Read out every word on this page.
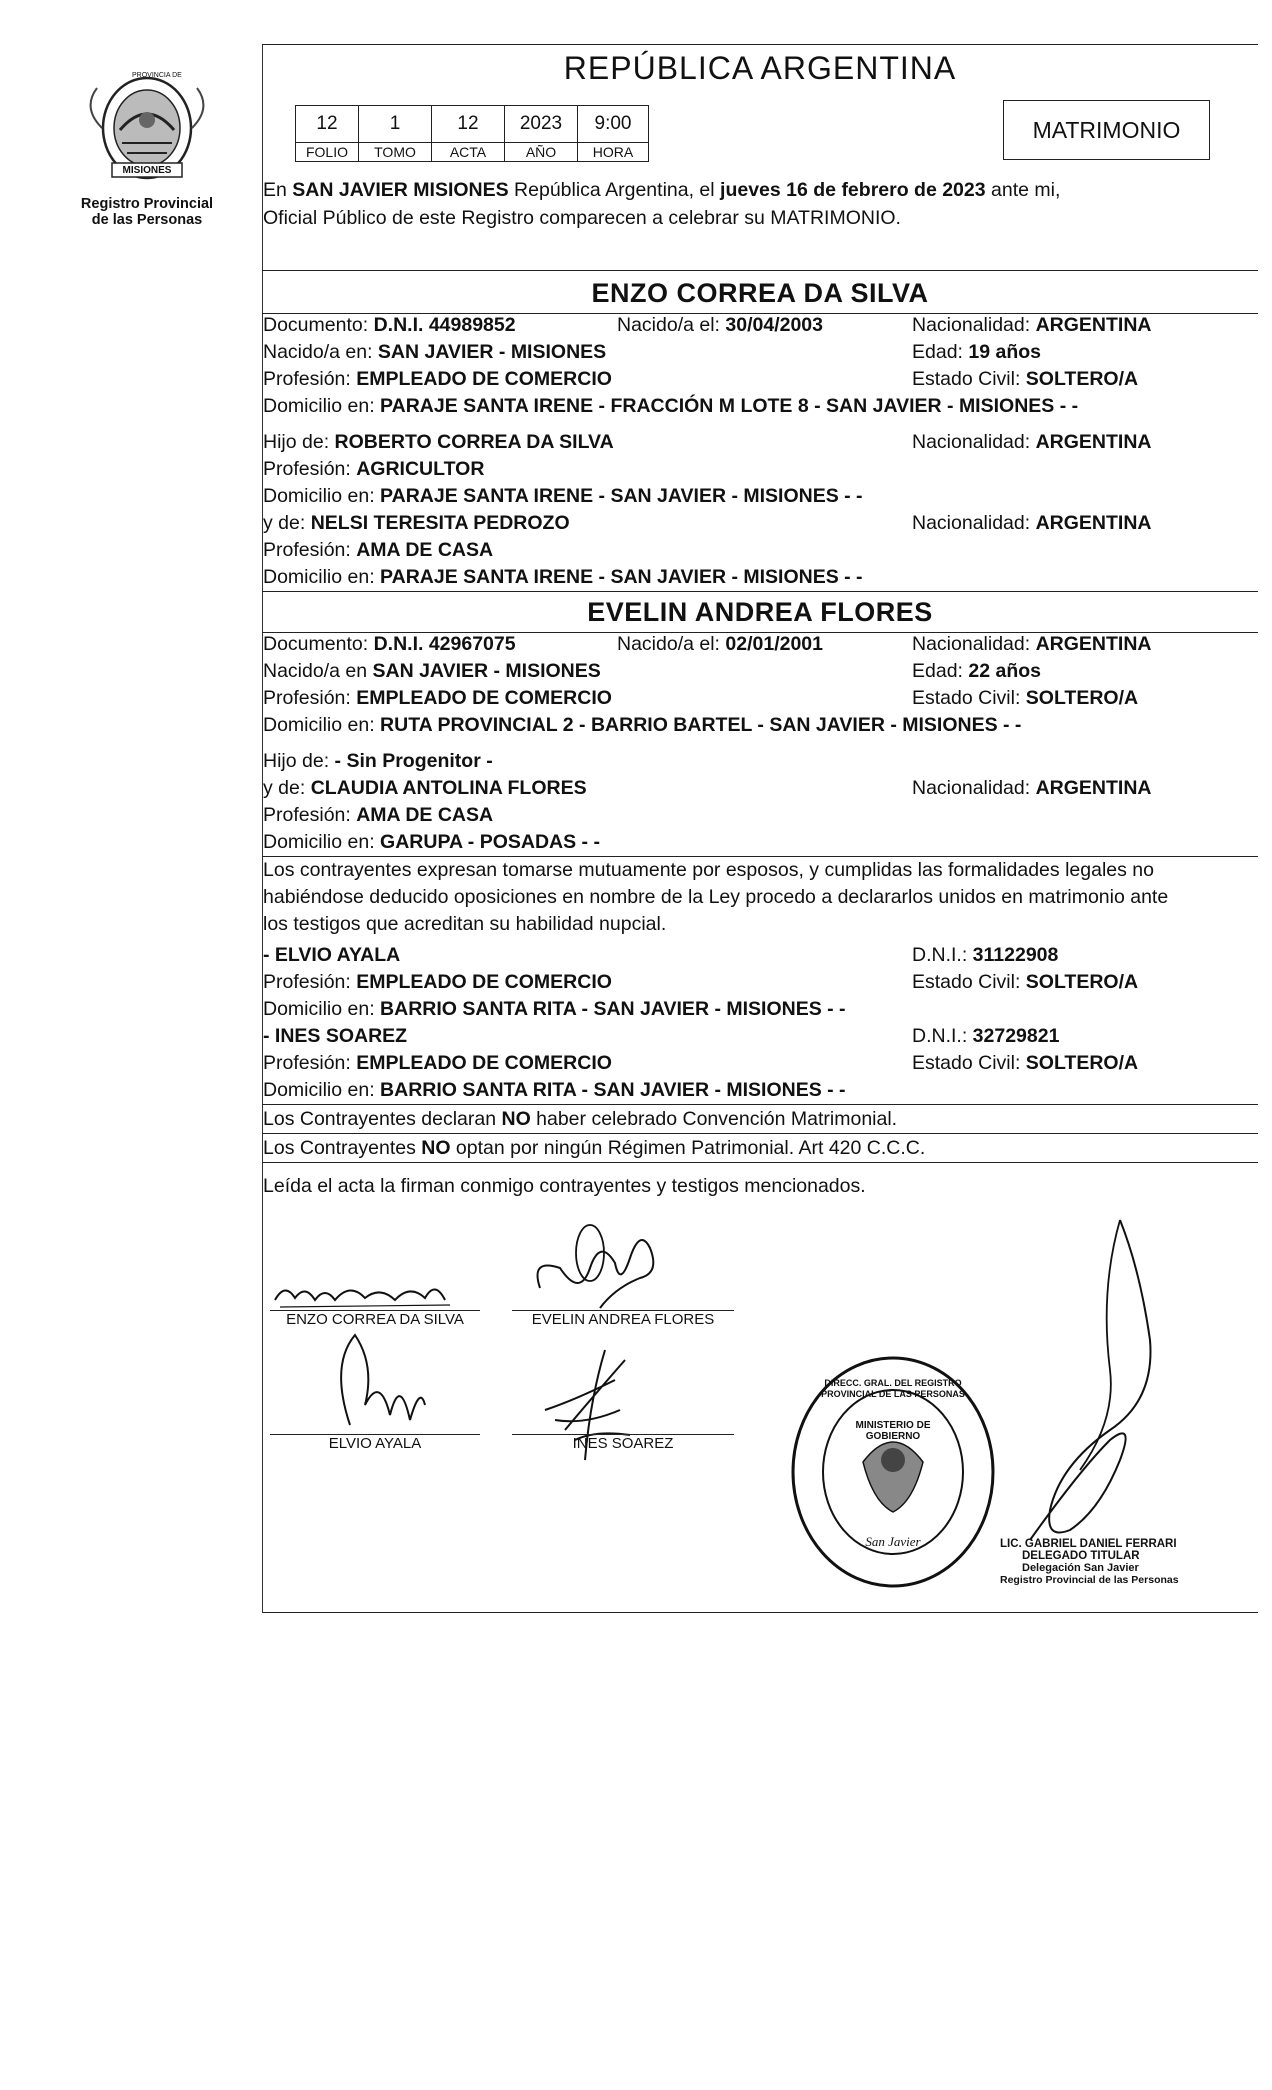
PROVINCIA DE
MISIONES
Registro Provincial
de las Personas
REPÚBLICA ARGENTINA
12	1	12	2023	9:00
FOLIO	TOMO	ACTA	AÑO	HORA
MATRIMONIO
En SAN JAVIER MISIONES República Argentina, el jueves 16 de febrero de 2023 ante mi,
Oficial Público de este Registro comparecen a celebrar su MATRIMONIO.
ENZO CORREA DA SILVA
Documento: D.N.I. 44989852	Nacido/a el: 30/04/2003	Nacionalidad: ARGENTINA
Nacido/a en: SAN JAVIER - MISIONES	Edad: 19 años
Profesión: EMPLEADO DE COMERCIO	Estado Civil: SOLTERO/A
Domicilio en: PARAJE SANTA IRENE - FRACCIÓN M LOTE 8 - SAN JAVIER - MISIONES - -
Hijo de: ROBERTO CORREA DA SILVA	Nacionalidad: ARGENTINA
Profesión: AGRICULTOR
Domicilio en: PARAJE SANTA IRENE - SAN JAVIER - MISIONES - -
y de: NELSI TERESITA PEDROZO	Nacionalidad: ARGENTINA
Profesión: AMA DE CASA
Domicilio en: PARAJE SANTA IRENE - SAN JAVIER - MISIONES - -
EVELIN ANDREA FLORES
Documento: D.N.I. 42967075	Nacido/a el: 02/01/2001	Nacionalidad: ARGENTINA
Nacido/a en SAN JAVIER - MISIONES	Edad: 22 años
Profesión: EMPLEADO DE COMERCIO	Estado Civil: SOLTERO/A
Domicilio en: RUTA PROVINCIAL 2 - BARRIO BARTEL - SAN JAVIER - MISIONES - -
Hijo de: - Sin Progenitor -
y de: CLAUDIA ANTOLINA FLORES	Nacionalidad: ARGENTINA
Profesión: AMA DE CASA
Domicilio en: GARUPA - POSADAS - -
Los contrayentes expresan tomarse mutuamente por esposos, y cumplidas las formalidades legales no
habiéndose deducido oposiciones en nombre de la Ley procedo a declararlos unidos en matrimonio ante
los testigos que acreditan su habilidad nupcial.
- ELVIO AYALA	D.N.I.: 31122908
Profesión: EMPLEADO DE COMERCIO	Estado Civil: SOLTERO/A
Domicilio en: BARRIO SANTA RITA - SAN JAVIER - MISIONES - -
- INES SOAREZ	D.N.I.: 32729821
Profesión: EMPLEADO DE COMERCIO	Estado Civil: SOLTERO/A
Domicilio en: BARRIO SANTA RITA - SAN JAVIER - MISIONES - -
Los Contrayentes declaran NO haber celebrado Convención Matrimonial.
Los Contrayentes NO optan por ningún Régimen Patrimonial. Art 420 C.C.C.
Leída el acta la firman conmigo contrayentes y testigos mencionados.
ENZO CORREA DA SILVA	EVELIN ANDREA FLORES
ELVIO AYALA	INES SOAREZ
DIRECC. GRAL. DEL REGISTRO PROVINCIAL DE LAS PERSONAS
MINISTERIO DE GOBIERNO
San Javier	LIC. GABRIEL DANIEL FERRARI
DELEGADO TITULAR
Delegación San Javier
Registro Provincial de las Personas
